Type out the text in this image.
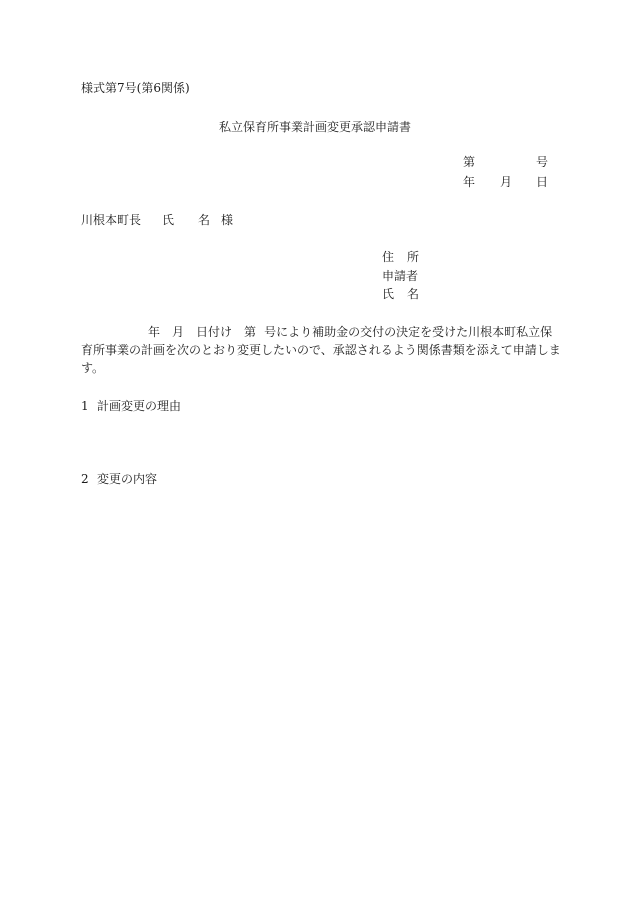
様式第7号(第6関係)
私立保育所事業計画変更承認申請書
第	号
年 月 日
川根本町長 氏 名 様
住 所
申請者
氏 名
年 月 日付け 第 号により補助金の交付の決定を受けた川根本町私立保
育所事業の計画を次のとおり変更したいので、承認されるよう関係書類を添えて申請しま
す。
1 計画変更の理由
2 変更の内容
